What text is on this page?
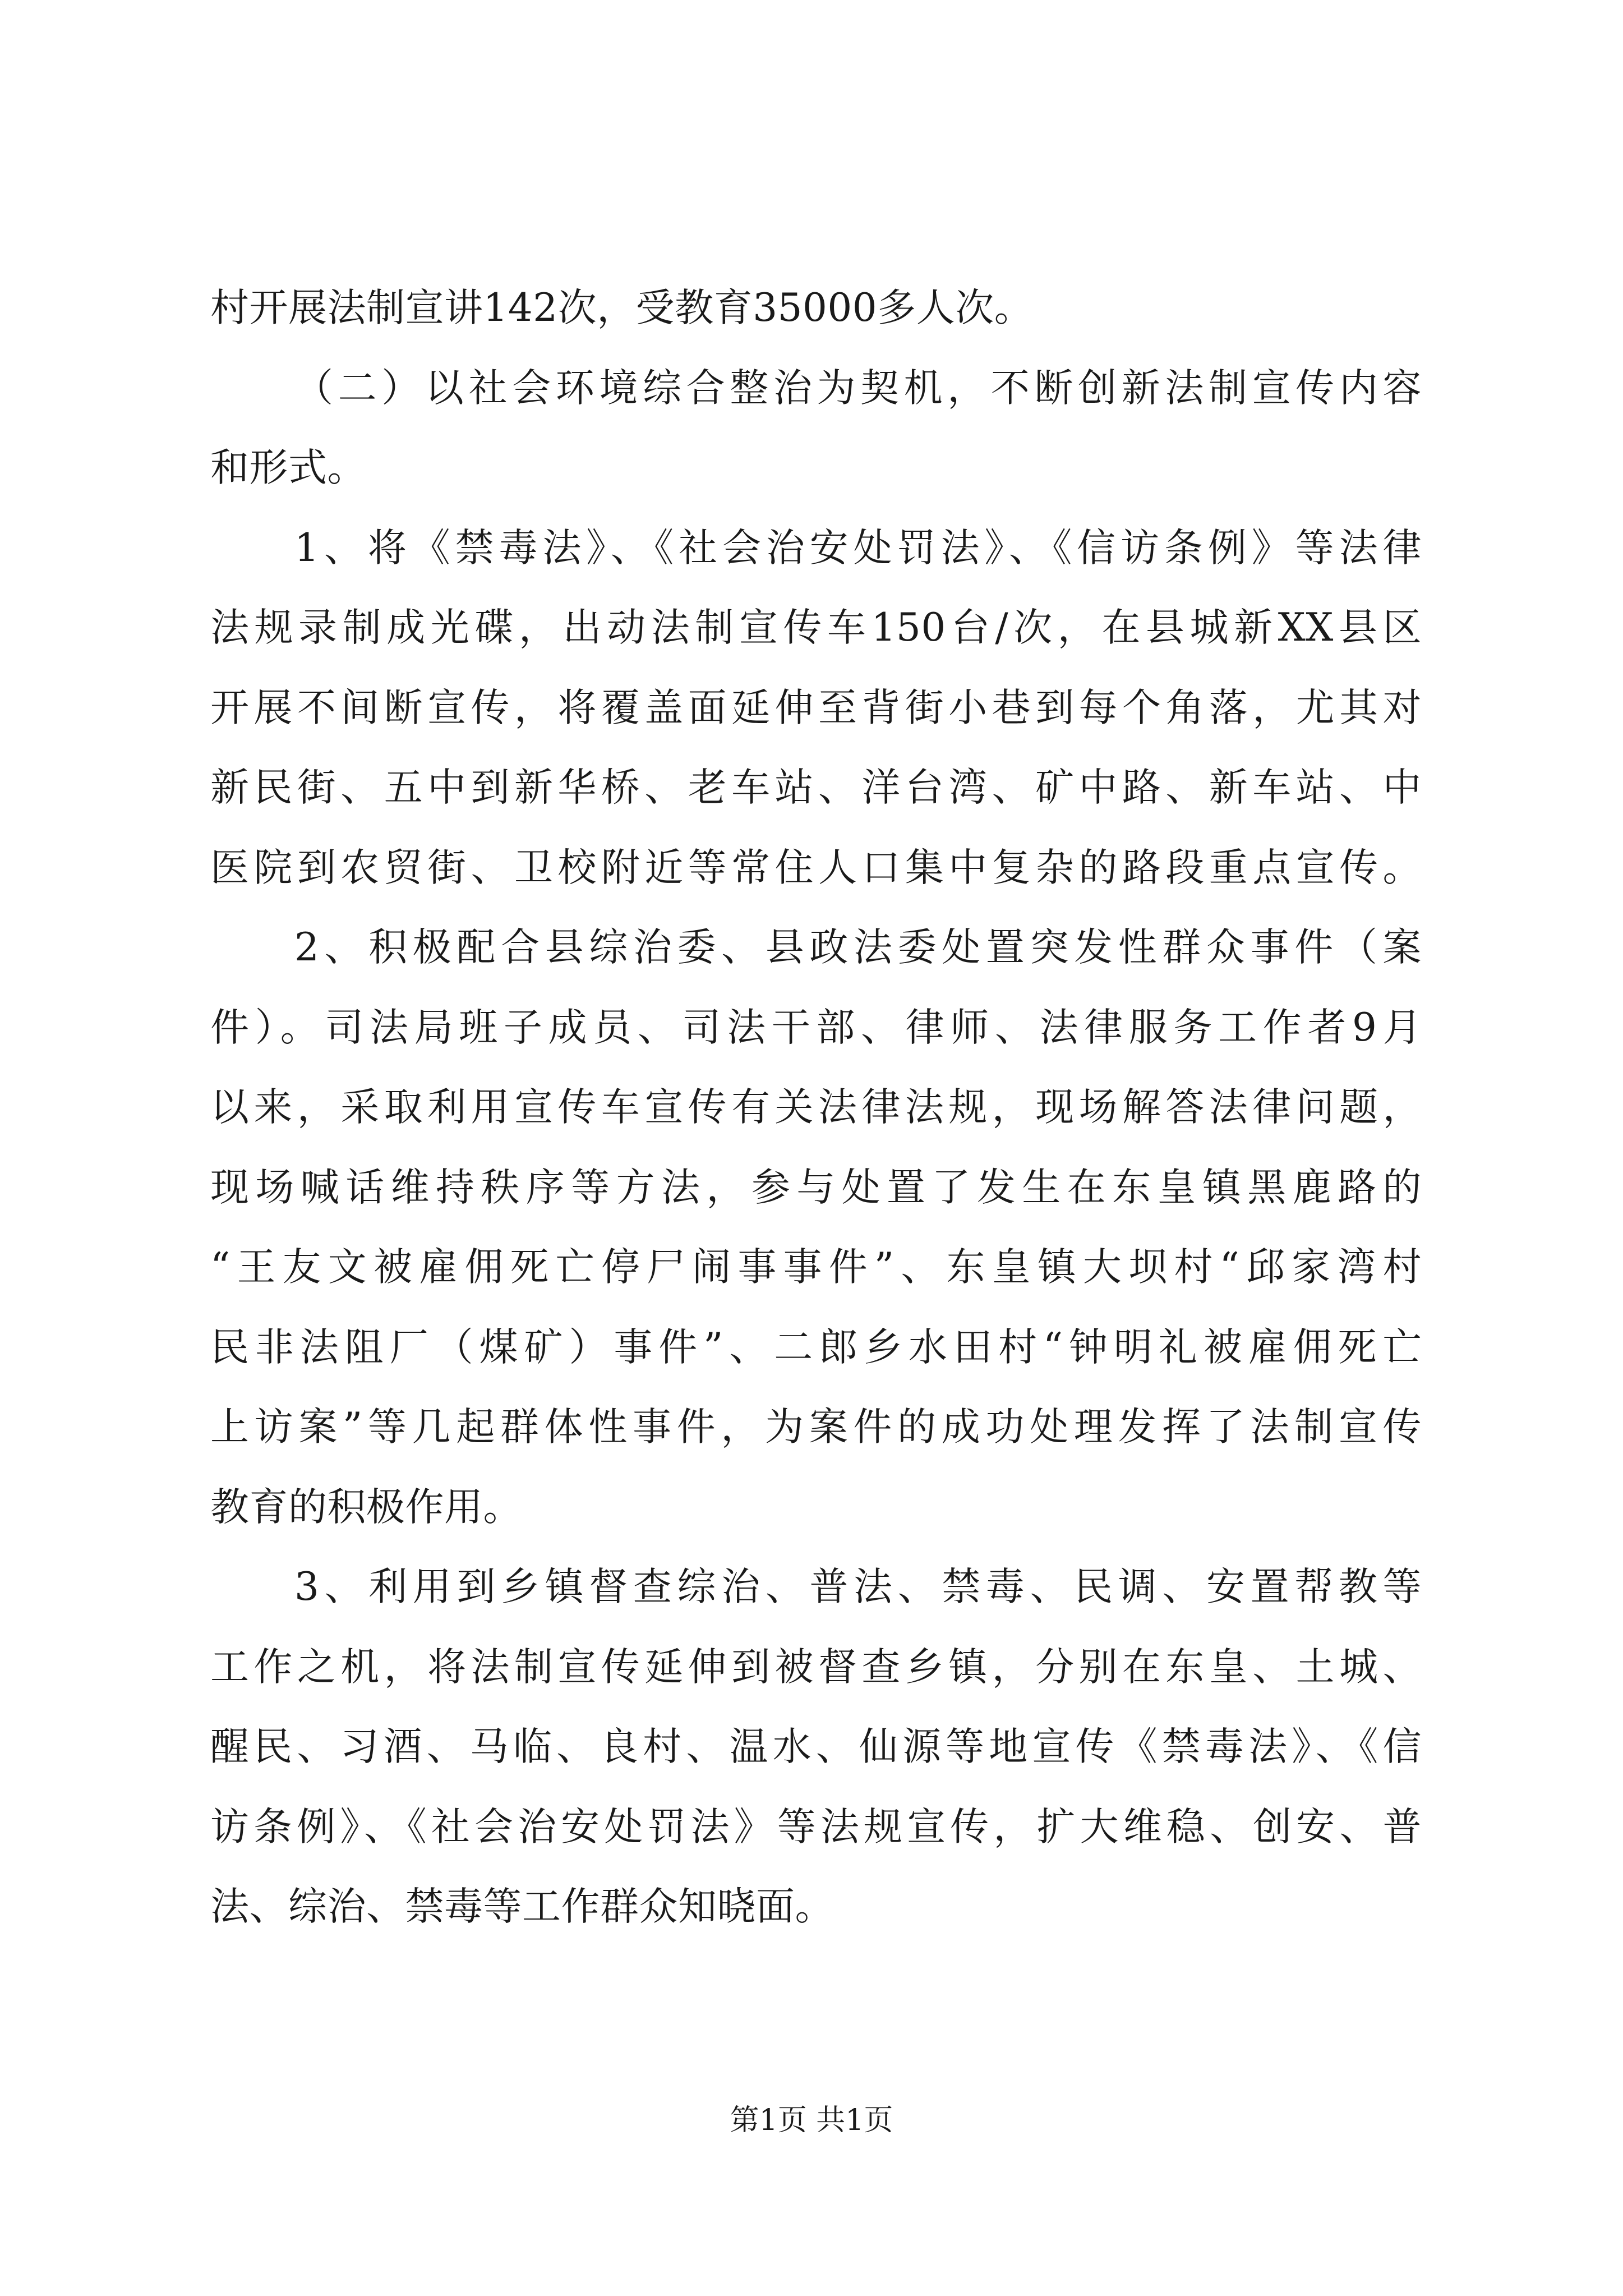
村开展法制宣讲142次，受教育35000多人次。
（二）以社会环境综合整治为契机，不断创新法制宣传内容
和形式。
1、将《禁毒法》、《社会治安处罚法》、《信访条例》等法律
法规录制成光碟，出动法制宣传车150台/次，在县城新XX县区
开展不间断宣传，将覆盖面延伸至背街小巷到每个角落，尤其对
新民街、五中到新华桥、老车站、洋台湾、矿中路、新车站、中
医院到农贸街、卫校附近等常住人口集中复杂的路段重点宣传。
2、积极配合县综治委、县政法委处置突发性群众事件（案
件）。司法局班子成员、司法干部、律师、法律服务工作者9月
以来，采取利用宣传车宣传有关法律法规，现场解答法律问题，
现场喊话维持秩序等方法，参与处置了发生在东皇镇黑鹿路的
“王友文被雇佣死亡停尸闹事事件”、东皇镇大坝村“邱家湾村
民非法阻厂（煤矿）事件”、二郎乡水田村“钟明礼被雇佣死亡
上访案”等几起群体性事件，为案件的成功处理发挥了法制宣传
教育的积极作用。
3、利用到乡镇督查综治、普法、禁毒、民调、安置帮教等
工作之机，将法制宣传延伸到被督查乡镇，分别在东皇、土城、
醒民、习酒、马临、良村、温水、仙源等地宣传《禁毒法》、《信
访条例》、《社会治安处罚法》等法规宣传，扩大维稳、创安、普
法、综治、禁毒等工作群众知晓面。
第1页 共1页
